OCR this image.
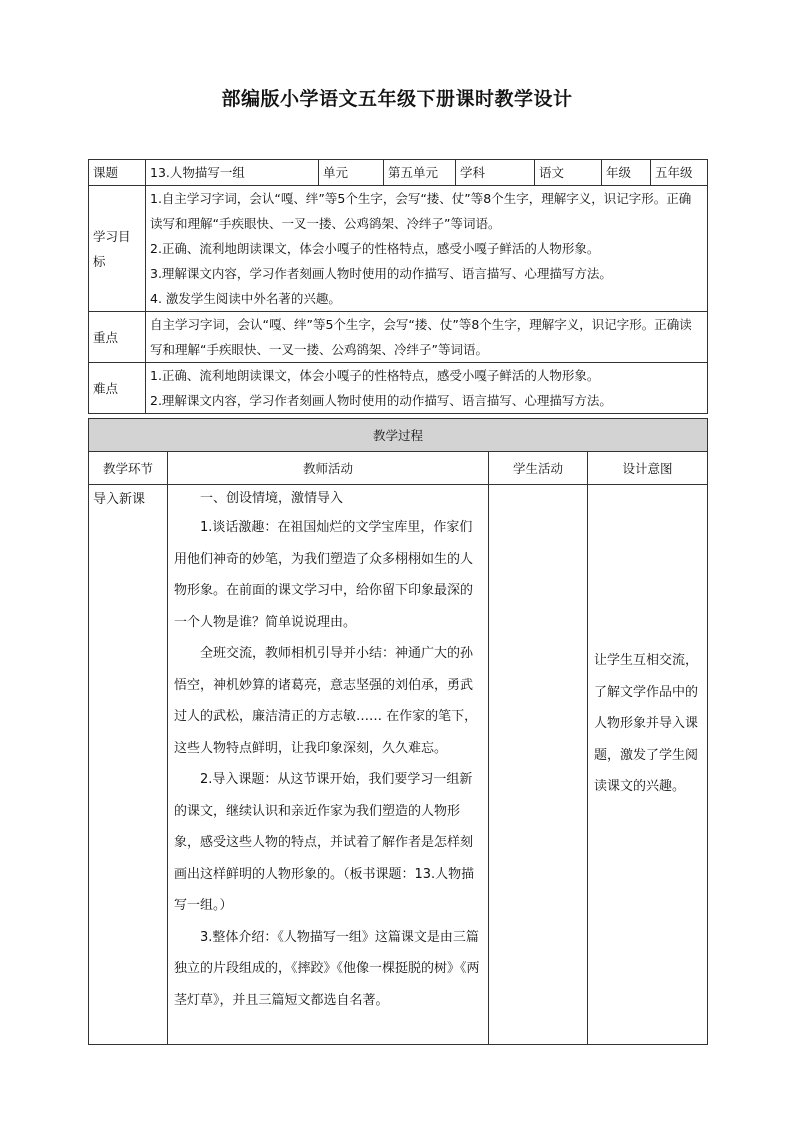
部编版小学语文五年级下册课时教学设计
课题	13.人物描写一组	单元	第五单元	学科	语文	年级	五年级
学习目标	1.自主学习字词，会认“嘎、绊”等5个生字，会写“搂、仗”等8个生字，理解字义，识记字形。正确读写和理解“手疾眼快、一叉一搂、公鸡鹆架、冷绊子”等词语。
2.正确、流利地朗读课文，体会小嘎子的性格特点，感受小嘎子鲜活的人物形象。
3.理解课文内容，学习作者刻画人物时使用的动作描写、语言描写、心理描写方法。
4. 激发学生阅读中外名著的兴趣。						

重点	自主学习字词，会认“嘎、绊”等5个生字，会写“搂、仗”等8个生字，理解字义，识记字形。正确读写和理解“手疾眼快、一叉一搂、公鸡鹆架、冷绊子”等词语。						

难点	1.正确、流利地朗读课文，体会小嘎子的性格特点，感受小嘎子鲜活的人物形象。
2.理解课文内容，学习作者刻画人物时使用的动作描写、语言描写、心理描写方法。						
教学过程			
教学环节	教师活动	学生活动	设计意图
导入新课	一、创设情境，激情导入

1.谈话激趣：在祖国灿烂的文学宝库里，作家们用他们神奇的妙笔，为我们塑造了众多栩栩如生的人物形象。在前面的课文学习中，给你留下印象最深的一个人物是谁？简单说说理由。

全班交流，教师相机引导并小结：神通广大的孙悟空，神机妙算的诸葛亮，意志坚强的刘伯承，勇武过人的武松，廉洁清正的方志敏…… 在作家的笔下，这些人物特点鲜明，让我印象深刻，久久难忘。

2.导入课题：从这节课开始，我们要学习一组新的课文，继续认识和亲近作家为我们塑造的人物形象，感受这些人物的特点，并试着了解作者是怎样刻画出这样鲜明的人物形象的。（板书课题：13.人物描写一组。）

3.整体介绍：《人物描写一组》这篇课文是由三篇独立的片段组成的，《摔跤》《他像一棵挺脱的树》《两茎灯草》，并且三篇短文都选自名著。		让学生互相交流，了解文学作品中的人物形象并导入课题，激发了学生阅读课文的兴趣。
